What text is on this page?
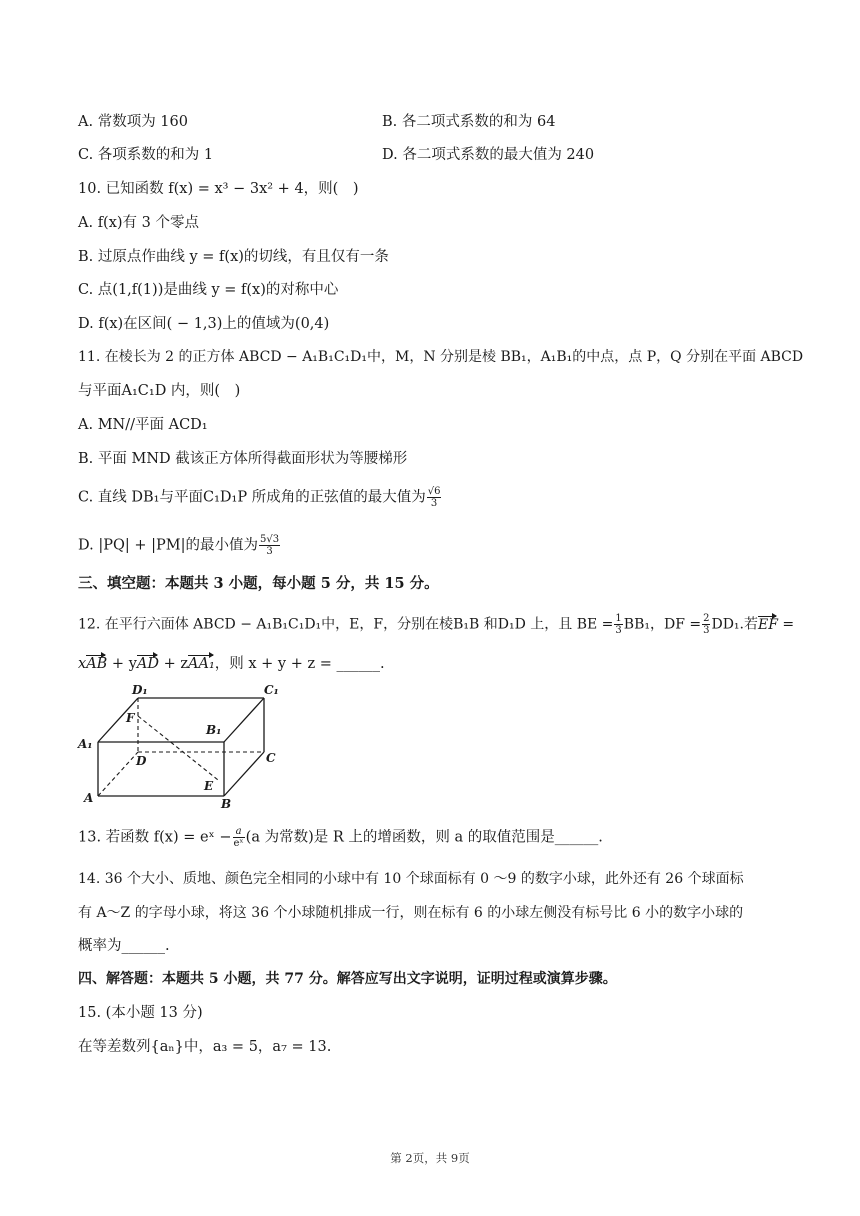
A. 常数项为 160	B. 各二项式系数的和为 64
C. 各项系数的和为 1	D. 各二项式系数的最大值为 240
10. 已知函数 f(x) = x³ − 3x² + 4，则(　)
A. f(x)有 3 个零点
B. 过原点作曲线 y = f(x)的切线，有且仅有一条
C. 点(1,f(1))是曲线 y = f(x)的对称中心
D. f(x)在区间( − 1,3)上的值域为(0,4)
11. 在棱长为 2 的正方体 ABCD − A₁B₁C₁D₁中，M，N 分别是棱 BB₁，A₁B₁的中点，点 P，Q 分别在平面 ABCD
与平面A₁C₁D 内，则(　)
A. MN//平面 ACD₁
B. 平面 MND 截该正方体所得截面形状为等腰梯形
C. 直线 DB₁与平面C₁D₁P 所成角的正弦值的最大值为 $\frac{√6}{3}$
D. |PQ| + |PM|的最小值为 $\frac{5√3}{3}$
三、填空题：本题共 3 小题，每小题 5 分，共 15 分。
12. 在平行六面体 ABCD − A₁B₁C₁D₁中，E，F，分别在棱B₁B 和D₁D 上，且 BE = $\frac{1}{3} BB_1$，DF = $\frac{2}{3} DD_1$.若EF =
xAB + yAD + zAA₁，则 x + y + z = ______.
D₁	C₁
F
B₁
A₁
D	C
E
A	B
13. 若函数 f(x) = eˣ − $\frac{a}{\text{eˣ}} (a$ 为常数)是 R 上的增函数，则 a 的取值范围是______.
14. 36 个大小、质地、颜色完全相同的小球中有 10 个球面标有 0 ～9 的数字小球，此外还有 26 个球面标
有 A～Z 的字母小球，将这 36 个小球随机排成一行，则在标有 6 的小球左侧没有标号比 6 小的数字小球的
概率为______.
四、解答题：本题共 5 小题，共 77 分。解答应写出文字说明，证明过程或演算步骤。
15. (本小题 13 分)
在等差数列{aₙ}中，a₃ = 5，a₇ = 13.
第 2页，共 9页
